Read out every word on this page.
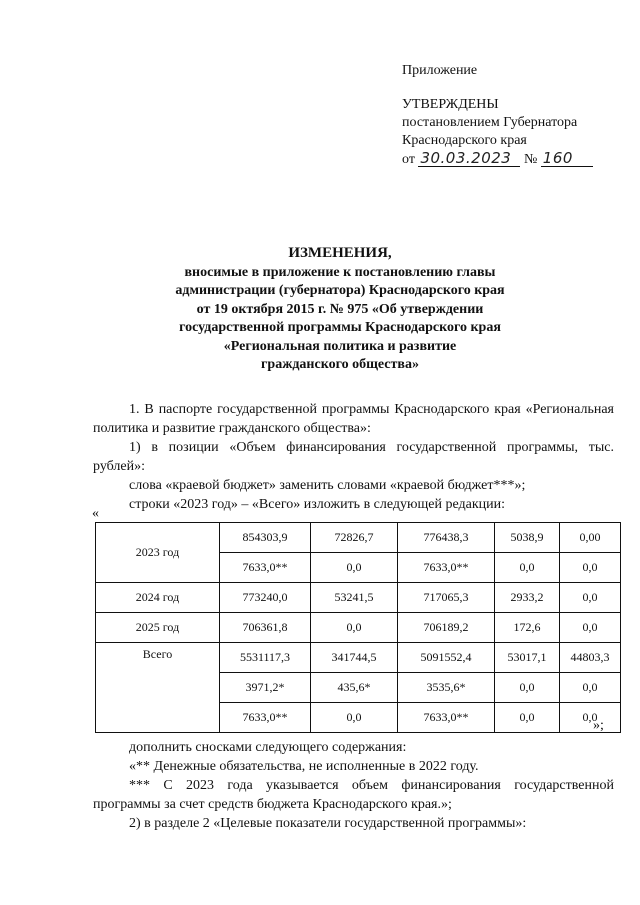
Приложение
УТВЕРЖДЕНЫ
постановлением Губернатора
Краснодарского края
от 30.03.2023 № 160
ИЗМЕНЕНИЯ,
вносимые в приложение к постановлению главы
администрации (губернатора) Краснодарского края
от 19 октября 2015 г. № 975 «Об утверждении
государственной программы Краснодарского края
«Региональная политика и развитие
гражданского общества»

1. В паспорте государственной программы Краснодарского края «Региональная политика и развитие гражданского общества»:

1) в позиции «Объем финансирования государственной программы, тыс. рублей»:

слова «краевой бюджет» заменить словами «краевой бюджет***»;

строки «2023 год» – «Всего» изложить в следующей редакции:

«
2023 год	854303,9	72826,7	776438,3	5038,9	0,00
	7633,0**	0,0	7633,0**	0,0	0,0
2024 год	773240,0	53241,5	717065,3	2933,2	0,0
2025 год	706361,8	0,0	706189,2	172,6	0,0
Всего	5531117,3	341744,5	5091552,4	53017,1	44803,3
	3971,2*	435,6*	3535,6*	0,0	0,0
	7633,0**	0,0	7633,0**	0,0	0,0
»;

дополнить сносками следующего содержания:

«** Денежные обязательства, не исполненные в 2022 году.

*** С 2023 года указывается объем финансирования государственной программы за счет средств бюджета Краснодарского края.»;

2) в разделе 2 «Целевые показатели государственной программы»:
